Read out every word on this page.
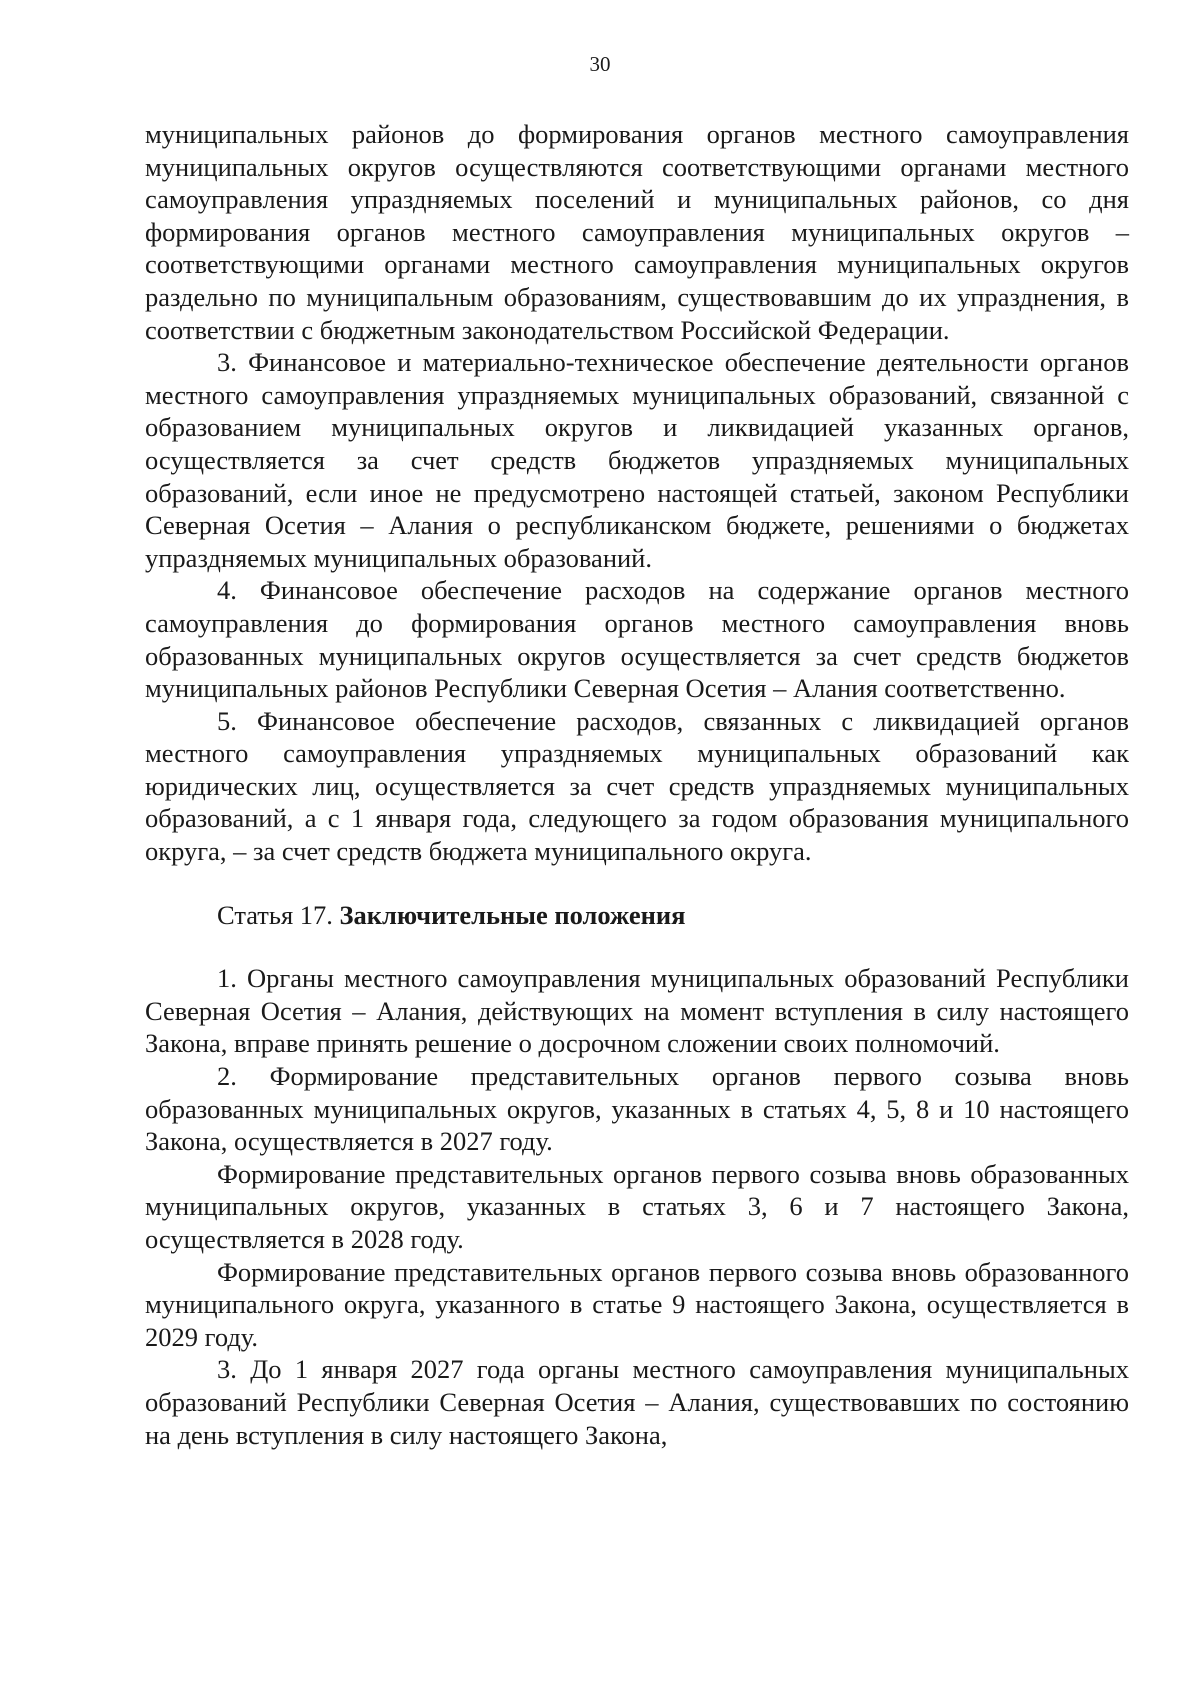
30

муниципальных районов до формирования органов местного самоуправления муниципальных округов осуществляются соответствующими органами местного самоуправления упраздняемых поселений и муниципальных районов, со дня формирования органов местного самоуправления муниципальных округов – соответствующими органами местного самоуправления муниципальных округов раздельно по муниципальным образованиям, существовавшим до их упразднения, в соответствии с бюджетным законодательством Российской Федерации.

3. Финансовое и материально-техническое обеспечение деятельности органов местного самоуправления упраздняемых муниципальных образований, связанной с образованием муниципальных округов и ликвидацией указанных органов, осуществляется за счет средств бюджетов упраздняемых муниципальных образований, если иное не предусмотрено настоящей статьей, законом Республики Северная Осетия – Алания о республиканском бюджете, решениями о бюджетах упраздняемых муниципальных образований.

4. Финансовое обеспечение расходов на содержание органов местного самоуправления до формирования органов местного самоуправления вновь образованных муниципальных округов осуществляется за счет средств бюджетов муниципальных районов Республики Северная Осетия – Алания соответственно.

5. Финансовое обеспечение расходов, связанных с ликвидацией органов местного самоуправления упраздняемых муниципальных образований как юридических лиц, осуществляется за счет средств упраздняемых муниципальных образований, а с 1 января года, следующего за годом образования муниципального округа, – за счет средств бюджета муниципального округа.

Статья 17. Заключительные положения

1. Органы местного самоуправления муниципальных образований Республики Северная Осетия – Алания, действующих на момент вступления в силу настоящего Закона, вправе принять решение о досрочном сложении своих полномочий.

2. Формирование представительных органов первого созыва вновь образованных муниципальных округов, указанных в статьях 4, 5, 8 и 10 настоящего Закона, осуществляется в 2027 году.

Формирование представительных органов первого созыва вновь образованных муниципальных округов, указанных в статьях 3, 6 и 7 настоящего Закона, осуществляется в 2028 году.

Формирование представительных органов первого созыва вновь образованного муниципального округа, указанного в статье 9 настоящего Закона, осуществляется в 2029 году.

3. До 1 января 2027 года органы местного самоуправления муниципальных образований Республики Северная Осетия – Алания, существовавших по состоянию на день вступления в силу настоящего Закона,
